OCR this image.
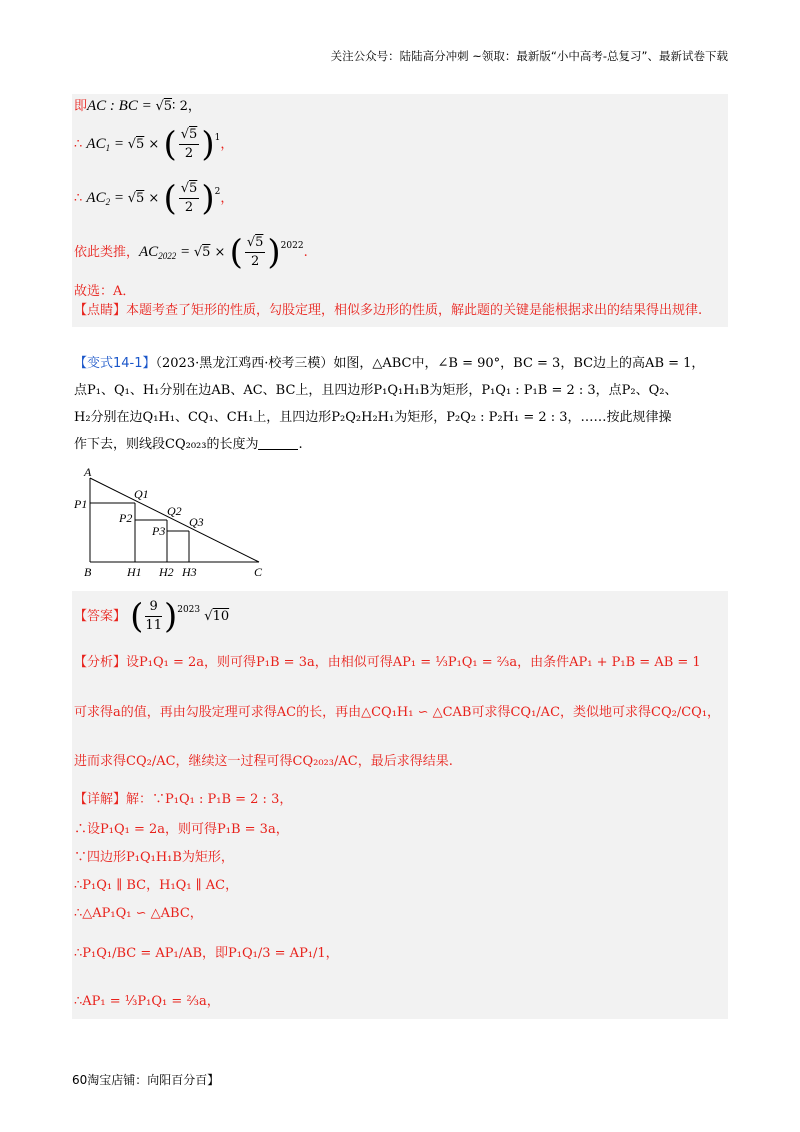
关注公众号：陆陆高分冲刺 ~领取：最新版“小中高考-总复习”、最新试卷下载
即AC : BC = √5∶ 2，
∴ $AC_1 = √5$ × ( $\frac{√5}{2} )^1$，
∴ $AC_2 = √5$ × ( $\frac{√5}{2} )^2$，
依此类推，$AC_{2022} = √5$ × ( $\frac{√5}{2} )^{2022}$.
故选：A．
【点睛】本题考查了矩形的性质，勾股定理，相似多边形的性质，解此题的关键是能根据求出的结果得出规律.
【变式14-1】（2023·黑龙江鸡西·校考三模）如图，△ABC中，∠B = 90°，BC = 3，BC边上的高AB = 1，
点P₁、Q₁、H₁分别在边AB、AC、BC上，且四边形P₁Q₁H₁B为矩形，P₁Q₁ : P₁B = 2 : 3，点P₂、Q₂、
H₂分别在边Q₁H₁、CQ₁、CH₁上，且四边形P₂Q₂H₂H₁为矩形，P₂Q₂ : P₂H₁ = 2 : 3，……按此规律操
作下去，则线段CQ₂₀₂₃的长度为	.
A
B	C
P1
P2
P3
Q1
Q2
Q3
H1 H2 H3
【答案】 ( $\frac{9}{11} )^{2023}$ √10
【分析】设P₁Q₁ = 2a，则可得P₁B = 3a，由相似可得AP₁ = ⅓P₁Q₁ = ⅔a，由条件AP₁ + P₁B = AB = 1
可求得a的值，再由勾股定理可求得AC的长，再由△CQ₁H₁ ∽ △CAB可求得CQ₁/AC，类似地可求得CQ₂/CQ₁，
进而求得CQ₂/AC，继续这一过程可得CQ₂₀₂₃/AC，最后求得结果.
【详解】解：∵P₁Q₁ : P₁B = 2 : 3，
∴设P₁Q₁ = 2a，则可得P₁B = 3a，
∵四边形P₁Q₁H₁B为矩形，
∴P₁Q₁ ∥ BC，H₁Q₁ ∥ AC，
∴△AP₁Q₁ ∽ △ABC，
∴P₁Q₁/BC = AP₁/AB，即P₁Q₁/3 = AP₁/1，
∴AP₁ = ⅓P₁Q₁ = ⅔a，
60淘宝店铺：向阳百分百】
